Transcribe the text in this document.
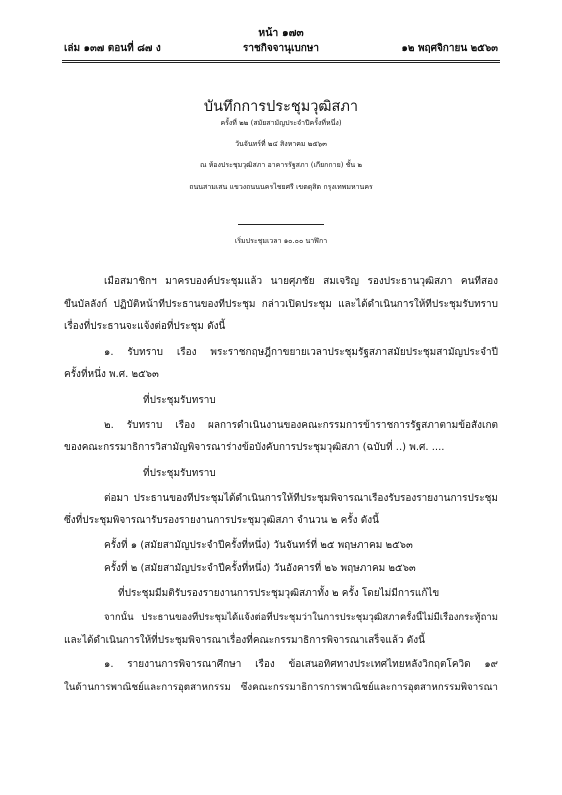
หน้า ๑๗๓
เล่ม ๑๓๗ ตอนที่ ๘๗ ง	ราชกิจจานุเบกษา	๑๒ พฤศจิกายน ๒๕๖๓
บันทึกการประชุมวุฒิสภา
ครั้งที่ ๒๒ (สมัยสามัญประจำปีครั้งที่หนึ่ง)
วันจันทร์ที่ ๒๔ สิงหาคม ๒๕๖๓
ณ ห้องประชุมวุฒิสภา อาคารรัฐสภา (เกียกกาย) ชั้น ๒
ถนนสามเสน แขวงถนนนครไชยศรี เขตดุสิต กรุงเทพมหานคร
เริ่มประชุมเวลา ๑๐.๐๐ นาฬิกา
เมื่อสมาชิกฯ มาครบองค์ประชุมแล้ว นายศุภชัย สมเจริญ รองประธานวุฒิสภา คนที่สอง
ขึ้นบัลลังก์ ปฏิบัติหน้าที่ประธานของที่ประชุม กล่าวเปิดประชุม และได้ดำเนินการให้ที่ประชุมรับทราบ
เรื่องที่ประธานจะแจ้งต่อที่ประชุม ดังนี้
๑. รับทราบ เรื่อง พระราชกฤษฎีกาขยายเวลาประชุมรัฐสภาสมัยประชุมสามัญประจำปี
ครั้งที่หนึ่ง พ.ศ. ๒๕๖๓
ที่ประชุมรับทราบ
๒. รับทราบ เรื่อง ผลการดำเนินงานของคณะกรรมการข้าราชการรัฐสภาตามข้อสังเกต
ของคณะกรรมาธิการวิสามัญพิจารณาร่างข้อบังคับการประชุมวุฒิสภา (ฉบับที่ ..) พ.ศ. ....
ที่ประชุมรับทราบ
ต่อมา ประธานของที่ประชุมได้ดำเนินการให้ที่ประชุมพิจารณาเรื่องรับรองรายงานการประชุม
ซึ่งที่ประชุมพิจารณารับรองรายงานการประชุมวุฒิสภา จำนวน ๒ ครั้ง ดังนี้
ครั้งที่ ๑ (สมัยสามัญประจำปีครั้งที่หนึ่ง) วันจันทร์ที่ ๒๕ พฤษภาคม ๒๕๖๓
ครั้งที่ ๒ (สมัยสามัญประจำปีครั้งที่หนึ่ง) วันอังคารที่ ๒๖ พฤษภาคม ๒๕๖๓
ที่ประชุมมีมติรับรองรายงานการประชุมวุฒิสภาทั้ง ๒ ครั้ง โดยไม่มีการแก้ไข
จากนั้น ประธานของที่ประชุมได้แจ้งต่อที่ประชุมว่าในการประชุมวุฒิสภาครั้งนี้ไม่มีเรื่องกระทู้ถาม
และได้ดำเนินการให้ที่ประชุมพิจารณาเรื่องที่คณะกรรมาธิการพิจารณาเสร็จแล้ว ดังนี้
๑. รายงานการพิจารณาศึกษา เรื่อง ข้อเสนอทิศทางประเทศไทยหลังวิกฤตโควิด ๑๙
ในด้านการพาณิชย์และการอุตสาหกรรม ซึ่งคณะกรรมาธิการการพาณิชย์และการอุตสาหกรรมพิจารณา
